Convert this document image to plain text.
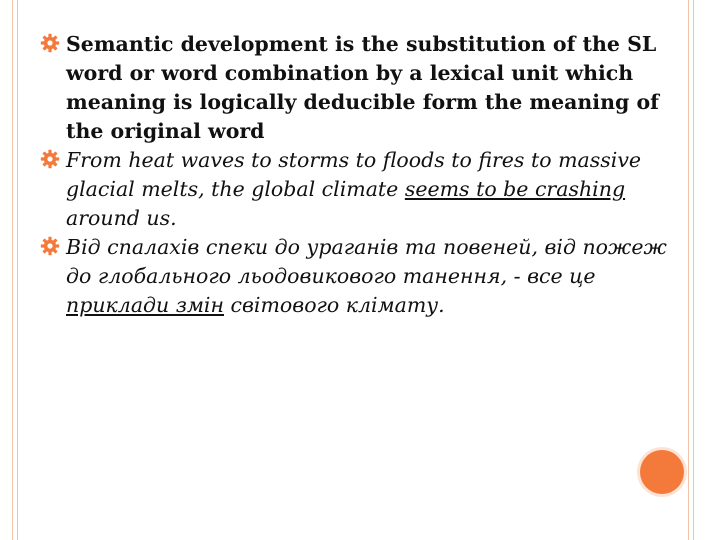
Semantic development is the substitution of the SL word or word combination by a lexical unit which meaning is logically deducible form the meaning of the original word
From heat waves to storms to floods to fires to massive glacial melts, the global climate seems to be crashing around us.
Від спалахів спеки до ураганів та повеней, від пожеж до глобального льодовикового танення, - все це приклади змін світового клімату.
